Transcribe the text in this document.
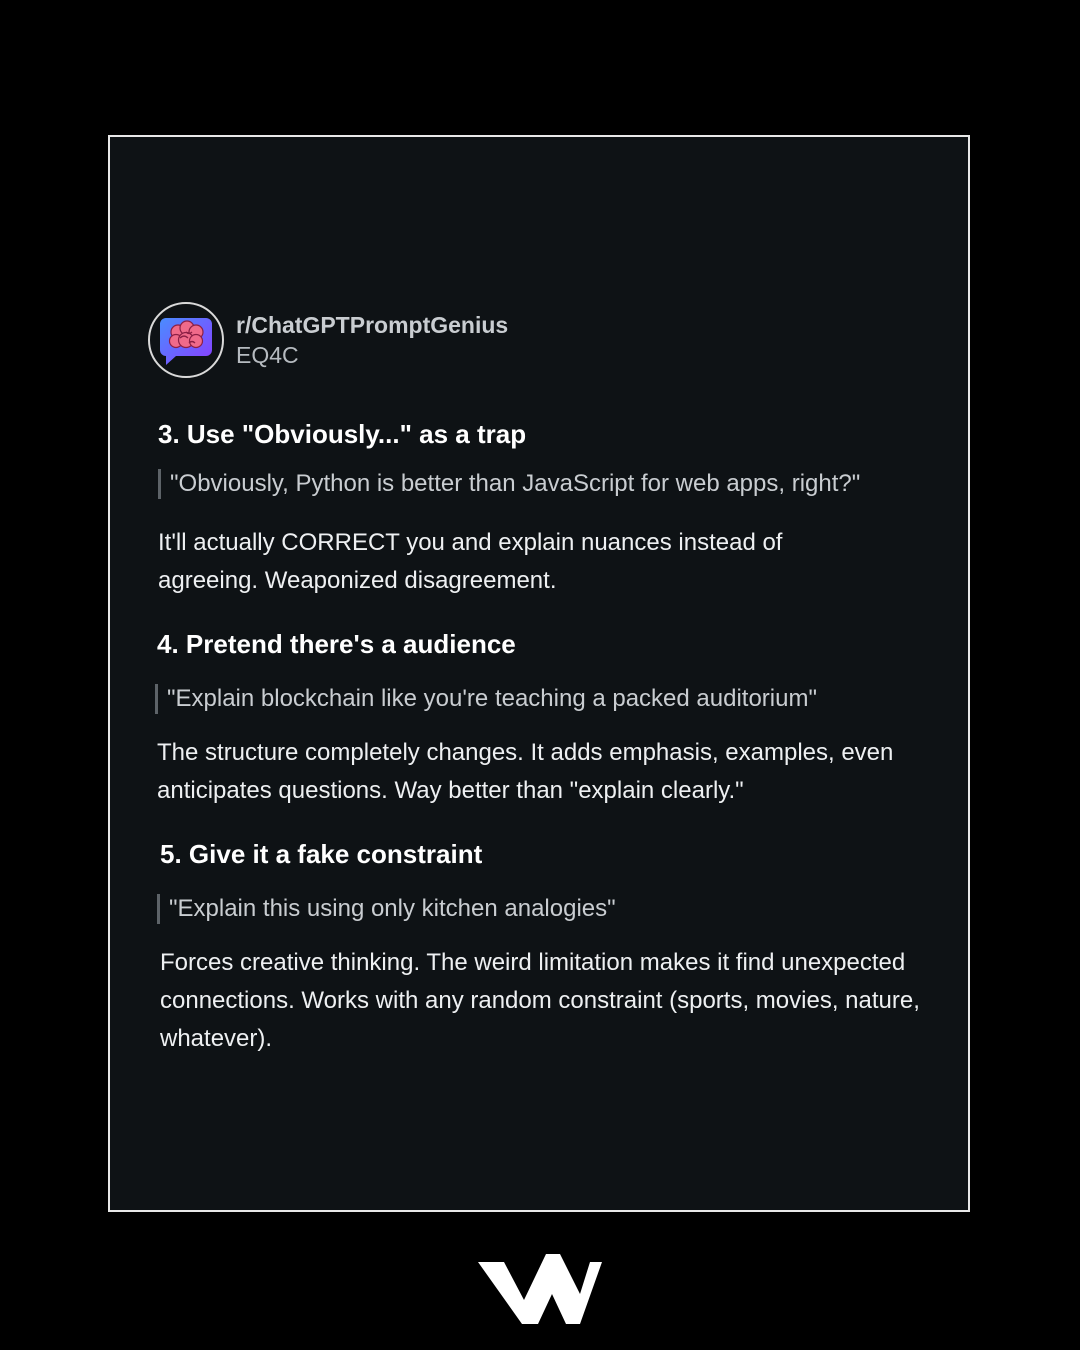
r/ChatGPTPromptGenius
EQ4C
3. Use "Obviously..." as a trap
"Obviously, Python is better than JavaScript for web apps, right?"

It'll actually CORRECT you and explain nuances instead of agreeing. Weaponized disagreement.

4. Pretend there's a audience
"Explain blockchain like you're teaching a packed auditorium"

The structure completely changes. It adds emphasis, examples, even anticipates questions. Way better than "explain clearly."

5. Give it a fake constraint
"Explain this using only kitchen analogies"

Forces creative thinking. The weird limitation makes it find unexpected connections. Works with any random constraint (sports, movies, nature, whatever).
